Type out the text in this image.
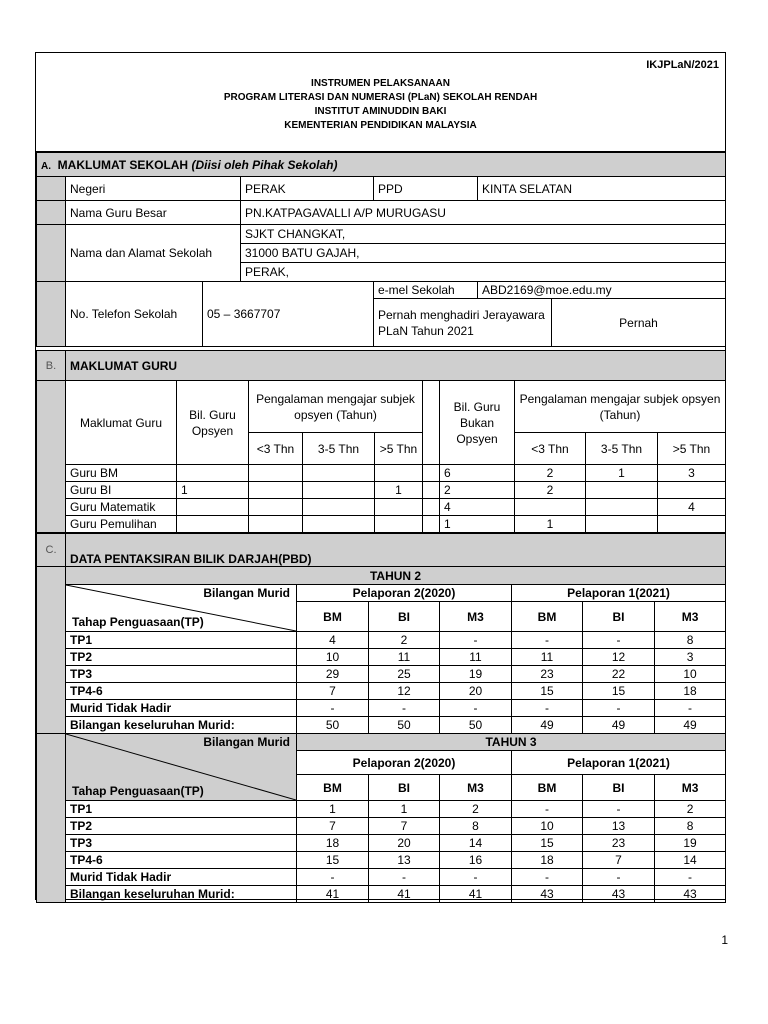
IKJPLaN/2021
INSTRUMEN PELAKSANAAN
PROGRAM LITERASI DAN NUMERASI (PLaN) SEKOLAH RENDAH
INSTITUT AMINUDDIN BAKI
KEMENTERIAN PENDIDIKAN MALAYSIA
A. MAKLUMAT SEKOLAH (Diisi oleh Pihak Sekolah)						
	Negeri		PERAK	PPD	KINTA SELATAN	
	Nama Guru Besar		PN.KATPAGAVALLI A/P MURUGASU			
	Nama dan Alamat Sekolah		SJKT CHANGKAT,			
			31000 BATU GAJAH,			
			PERAK,			
	No. Telefon Sekolah	05 – 3667707		e-mel Sekolah	ABD2169@moe.edu.my	
				Pernah menghadiri Jerayawara PLaN Tahun 2021		Pernah
B.	MAKLUMAT GURU									
	Maklumat Guru	Bil. Guru Opsyen	Pengalaman mengajar subjek opsyen (Tahun)				Bil. Guru Bukan Opsyen	Pengalaman mengajar subjek opsyen (Tahun)		
			<3 Thn	3-5 Thn	>5 Thn			<3 Thn	3-5 Thn	>5 Thn
	Guru BM						6	2	1	3
	Guru BI	1			1		2	2		
	Guru Matematik						4			4
	Guru Pemulihan						1	1		
C.	DATA PENTAKSIRAN BILIK DARJAH(PBD)						
	TAHUN 2						

	Bilangan Murid
Tahap Penguasaan(TP)	Pelaporan 2(2020)			Pelaporan 1(2021)		
		BM	BI	M3	BM	BI	M3
	TP1	4	2	-	-	-	8
	TP2	10	11	11	11	12	3
	TP3	29	25	19	23	22	10
	TP4-6	7	12	20	15	15	18
	Murid Tidak Hadir	-	-	-	-	-	-
	Bilangan keseluruhan Murid:	50	50	50	49	49	49

	Bilangan Murid
Tahap Penguasaan(TP)	TAHUN 3					
		Pelaporan 2(2020)			Pelaporan 1(2021)		
		BM	BI	M3	BM	BI	M3
	TP1	1	1	2	-	-	2
	TP2	7	7	8	10	13	8
	TP3	18	20	14	15	23	19
	TP4-6	15	13	16	18	7	14
	Murid Tidak Hadir	-	-	-	-	-	-
	Bilangan keseluruhan Murid:	41	41	41	43	43	43
1
